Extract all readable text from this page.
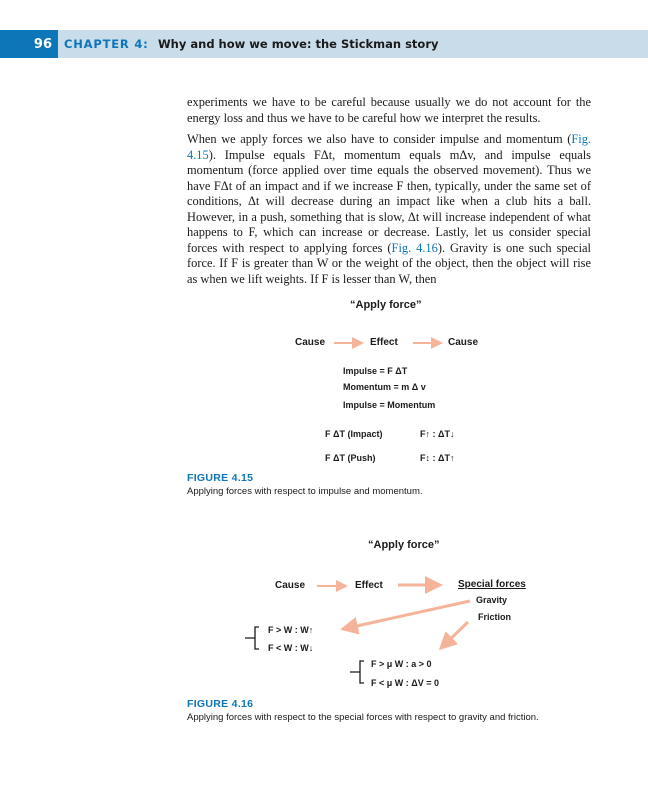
96	CHAPTER 4: Why and how we move: the Stickman story

experiments we have to be careful because usually we do not account for the energy loss and thus we have to be careful how we interpret the results.

When we apply forces we also have to consider impulse and momentum (Fig. 4.15). Impulse equals FΔt, momentum equals mΔv, and impulse equals momentum (force applied over time equals the observed movement). Thus we have FΔt of an impact and if we increase F then, typically, under the same set of conditions, Δt will decrease during an impact like when a club hits a ball. However, in a push, something that is slow, Δt will increase independent of what happens to F, which can increase or decrease. Lastly, let us consider special forces with respect to applying forces (Fig. 4.16). Gravity is one such special force. If F is greater than W or the weight of the object, then the object will rise as when we lift weights. If F is lesser than W, then

“Apply force”
Cause	Effect	Cause
Impulse = F ΔT
Momentum = m Δ v
Impulse = Momentum
F ΔT (Impact)	F↑ : ΔT↓
F ΔT (Push)	F↕ : ΔT↑
FIGURE 4.15
Applying forces with respect to impulse and momentum.
“Apply force”
Cause	Effect	Special forces
Gravity
Friction
F > W : W↑
F < W : W↓
F > μ W : a > 0
F < μ W : ΔV = 0
FIGURE 4.16
Applying forces with respect to the special forces with respect to gravity and friction.
